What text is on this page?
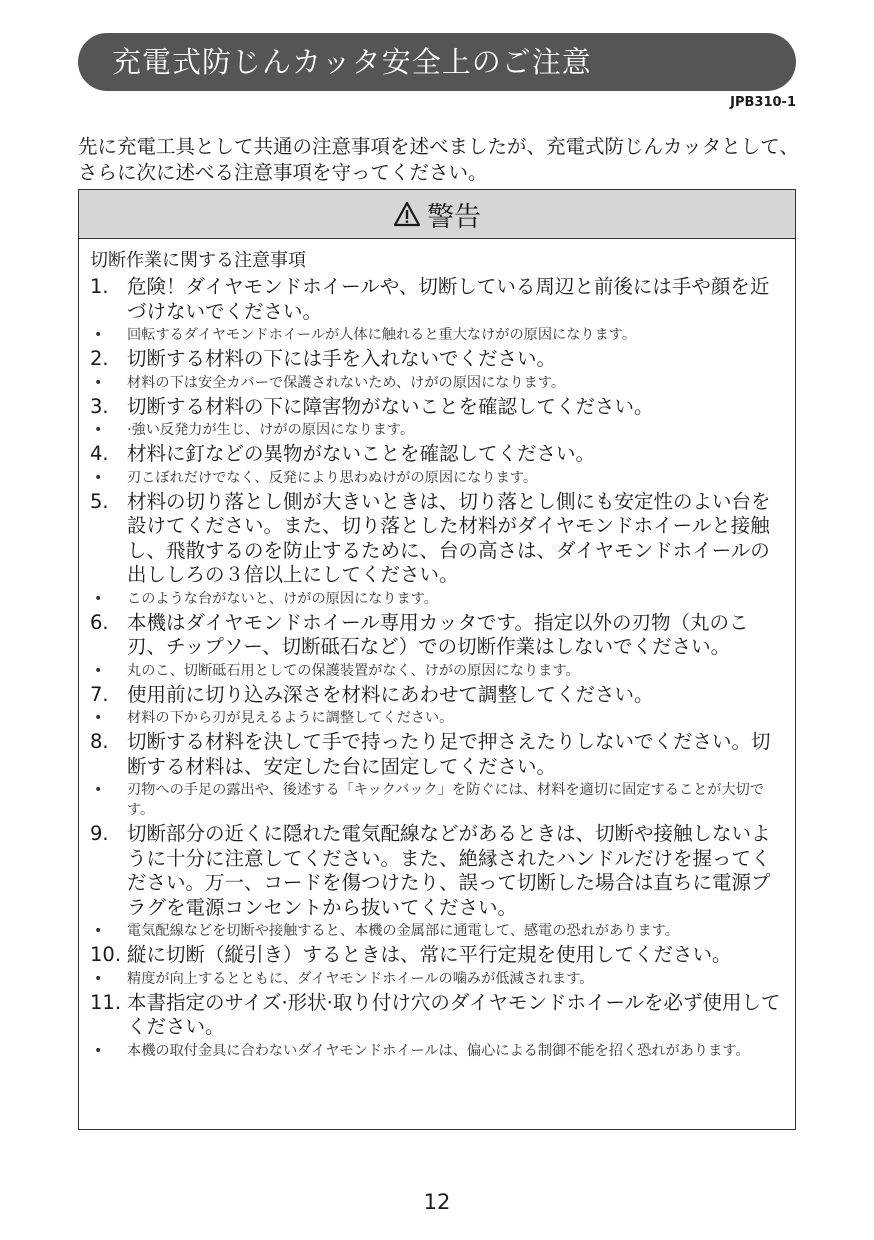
充電式防じんカッタ安全上のご注意
JPB310-1
先に充電工具として共通の注意事項を述べましたが、充電式防じんカッタとして、さらに次に述べる注意事項を守ってください。
警告
切断作業に関する注意事項
1. 危険！ダイヤモンドホイールや、切断している周辺と前後には手や顔を近づけないでください。
•	回転するダイヤモンドホイールが人体に触れると重大なけがの原因になります。
2. 切断する材料の下には手を入れないでください。
•	材料の下は安全カバーで保護されないため、けがの原因になります。
3. 切断する材料の下に障害物がないことを確認してください。
•	·強い反発力が生じ、けがの原因になります。
4. 材料に釘などの異物がないことを確認してください。
•	刃こぼれだけでなく、反発により思わぬけがの原因になります。
5. 材料の切り落とし側が大きいときは、切り落とし側にも安定性のよい台を設けてください。また、切り落とした材料がダイヤモンドホイールと接触し、飛散するのを防止するために、台の高さは、ダイヤモンドホイールの出ししろの３倍以上にしてください。
•	このような台がないと、けがの原因になります。
6. 本機はダイヤモンドホイール専用カッタです。指定以外の刃物（丸のこ刃、チップソー、切断砥石など）での切断作業はしないでください。
•	丸のこ、切断砥石用としての保護装置がなく、けがの原因になります。
7. 使用前に切り込み深さを材料にあわせて調整してください。
•	材料の下から刃が見えるように調整してください。
8. 切断する材料を決して手で持ったり足で押さえたりしないでください。切断する材料は、安定した台に固定してください。
•	刃物への手足の露出や、後述する「キックバック」を防ぐには、材料を適切に固定することが大切です。
9. 切断部分の近くに隠れた電気配線などがあるときは、切断や接触しないように十分に注意してください。また、絶縁されたハンドルだけを握ってください。万一、コードを傷つけたり、誤って切断した場合は直ちに電源プラグを電源コンセントから抜いてください。
•	電気配線などを切断や接触すると、本機の金属部に通電して、感電の恐れがあります。
10. 縦に切断（縦引き）するときは、常に平行定規を使用してください。
•	精度が向上するとともに、ダイヤモンドホイールの噛みが低減されます。
11. 本書指定のサイズ·形状·取り付け穴のダイヤモンドホイールを必ず使用してください。
•	本機の取付金具に合わないダイヤモンドホイールは、偏心による制御不能を招く恐れがあります。
12
